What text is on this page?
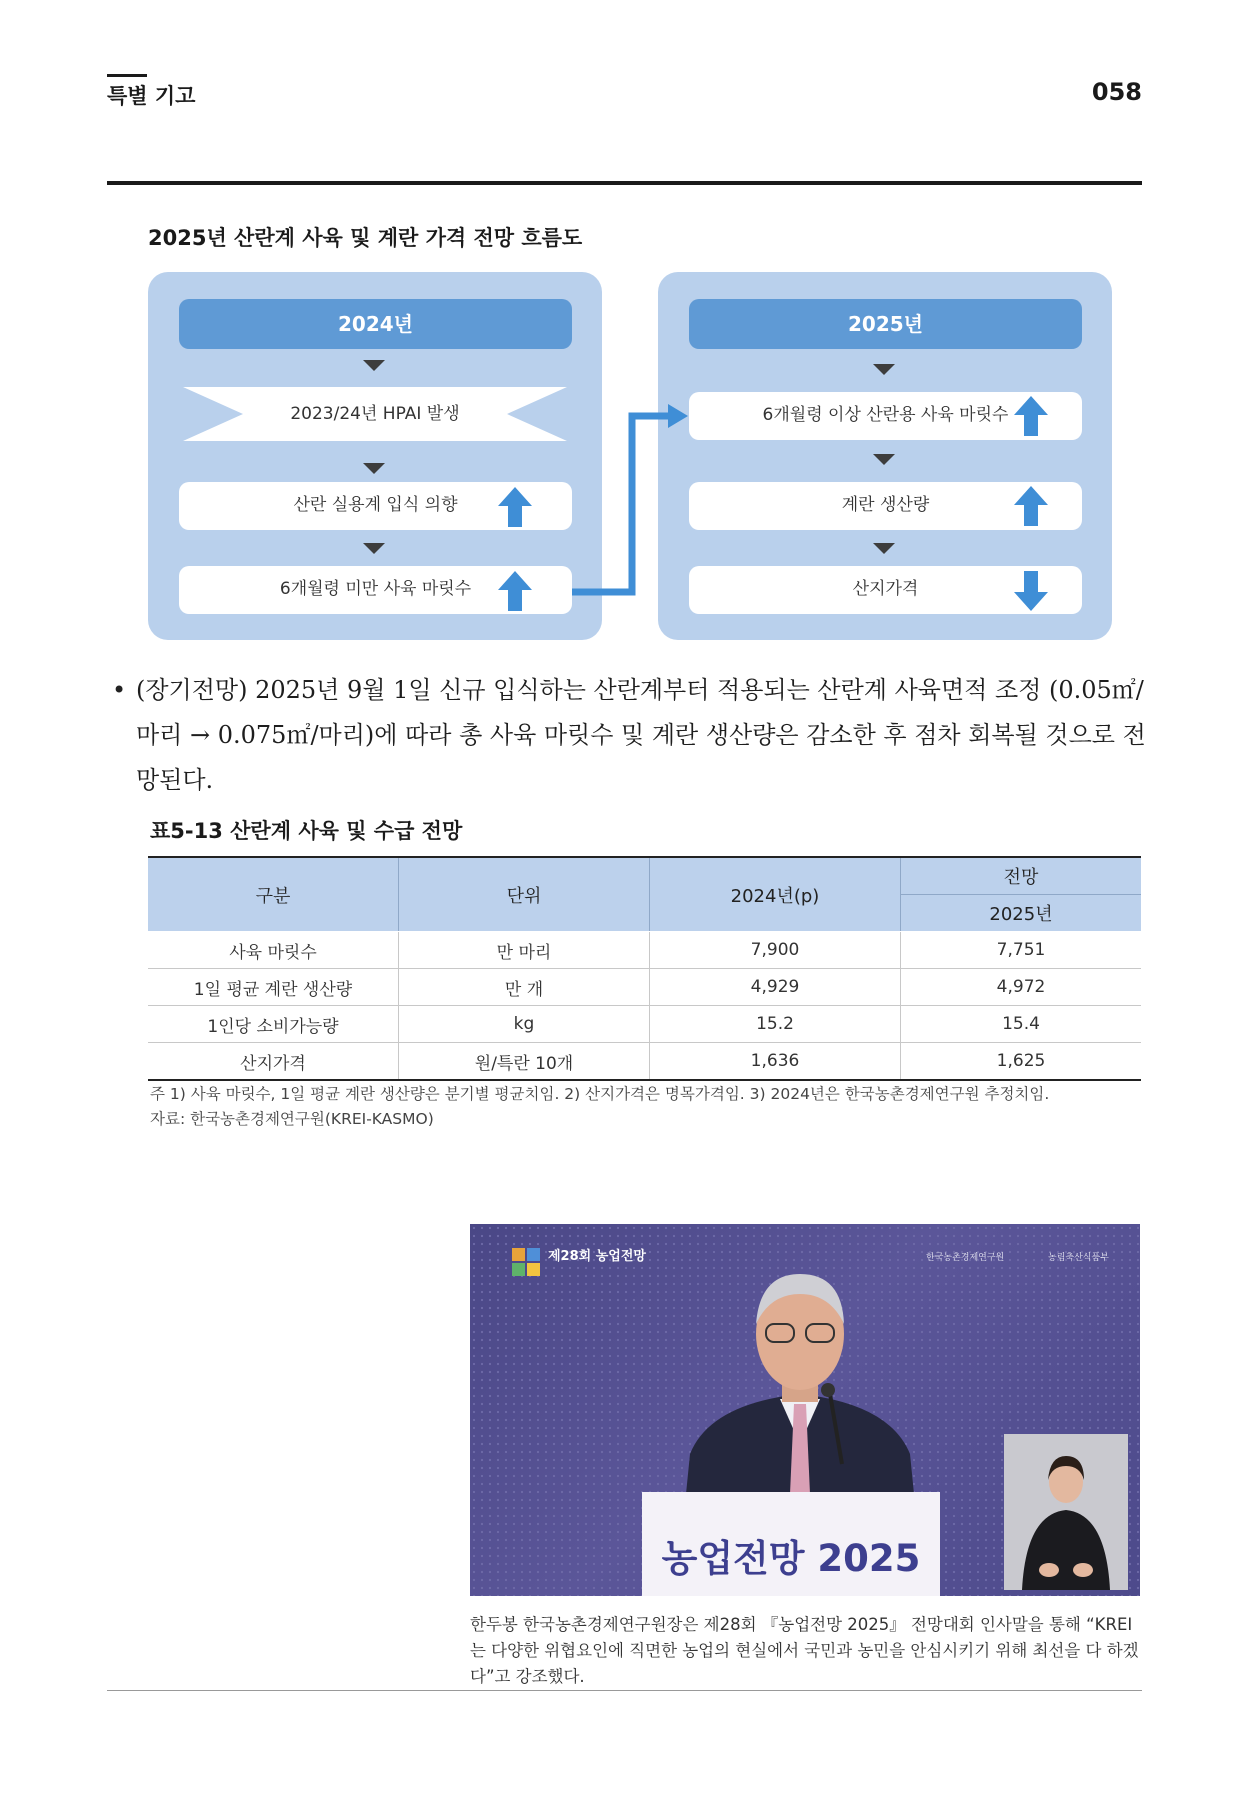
특별 기고	058
2025년 산란계 사육 및 계란 가격 전망 흐름도
2024년
2023/24년 HPAI 발생
산란 실용계 입식 의향
6개월령 미만 사육 마릿수
2025년
6개월령 이상 산란용 사육 마릿수
계란 생산량
산지가격
• (장기전망) 2025년 9월 1일 신규 입식하는 산란계부터 적용되는 산란계 사육면적 조정 (0.05㎡/마리 → 0.075㎡/마리)에 따라 총 사육 마릿수 및 계란 생산량은 감소한 후 점차 회복될 것으로 전망된다.
표5-13 산란계 사육 및 수급 전망
구분	단위	2024년(p)	전망
			2025년
사육 마릿수	만 마리	7,900	7,751
1일 평균 계란 생산량	만 개	4,929	4,972
1인당 소비가능량	kg	15.2	15.4
산지가격	원/특란 10개	1,636	1,625
주 1) 사육 마릿수, 1일 평균 계란 생산량은 분기별 평균치임. 2) 산지가격은 명목가격임. 3) 2024년은 한국농촌경제연구원 추정치임.
자료: 한국농촌경제연구원(KREI-KASMO)
제28회 농업전망	한국농촌경제연구원	농림축산식품부
농업전망 2025
한두봉 한국농촌경제연구원장은 제28회 『농업전망 2025』 전망대회 인사말을 통해 “KREI는 다양한 위협요인에 직면한 농업의 현실에서 국민과 농민을 안심시키기 위해 최선을 다 하겠다”고 강조했다.
